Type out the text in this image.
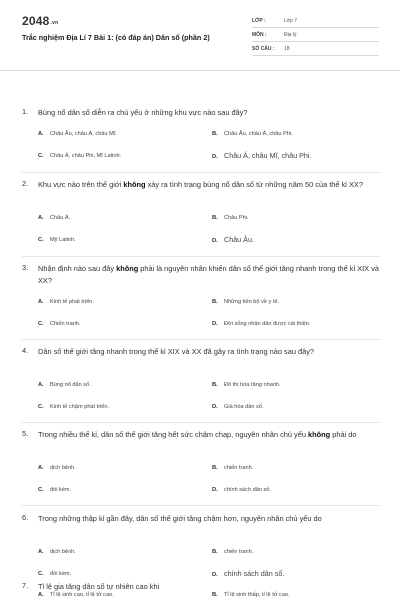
2048.vn
Trắc nghiệm Địa Lí 7 Bài 1: (có đáp án) Dân số (phần 2)
LỚP :	Lớp 7
MÔN :	Địa lý
SỐ CÂU :	18
1. Bùng nổ dân số diễn ra chủ yếu ở những khu vực nào sau đây?
A.	Châu Âu, châu Á, châu Mĩ.	B.	Châu Âu, châu Á, châu Phi.
C.	Châu Á, châu Phi, Mĩ Latinh.	D. Châu Á, châu Mĩ, châu Phi.
2. Khu vực nào trên thế giới không xảy ra tình trạng bùng nổ dân số từ những năm 50 của thế kỉ XX?
A.	Châu Á.	B.	Châu Phi.
C.	Mỹ Latinh.	D. Châu Âu.
3. Nhận định nào sau đây không phải là nguyên nhân khiến dân số thế giới tăng nhanh trong thế kỉ XIX và XX?
A.	Kinh tế phát triển.	B.	Những tiến bộ về y tế.
C.	Chiến tranh.	D.	Đời sống nhân dân được cải thiện.
4. Dân số thế giới tăng nhanh trong thế kỉ XIX và XX đã gây ra tình trạng nào sau đây?
A.	Bùng nổ dân số.	B.	Đô thị hóa tăng nhanh.
C.	Kinh tế chậm phát triển.	D.	Già hóa dân số.
5. Trong nhiều thế kỉ, dân số thế giới tăng hết sức chậm chạp, nguyên nhân chủ yếu không phải do
A.	dịch bệnh.	B.	chiến tranh.
C.	đói kém.	D.	chính sách dân số.
6. Trong những thập kỉ gần đây, dân số thế giới tăng chậm hơn, nguyên nhân chủ yếu do
A.	dịch bệnh.	B.	chiến tranh.
C.	đói kém.	D. chính sách dân số.
7. Tỉ lệ gia tăng dân số tự nhiên cao khi
A.	Tỉ lệ sinh cao, tỉ lệ tử cao.	B.	Tỉ lệ sinh thấp, tỉ lệ tử cao.
